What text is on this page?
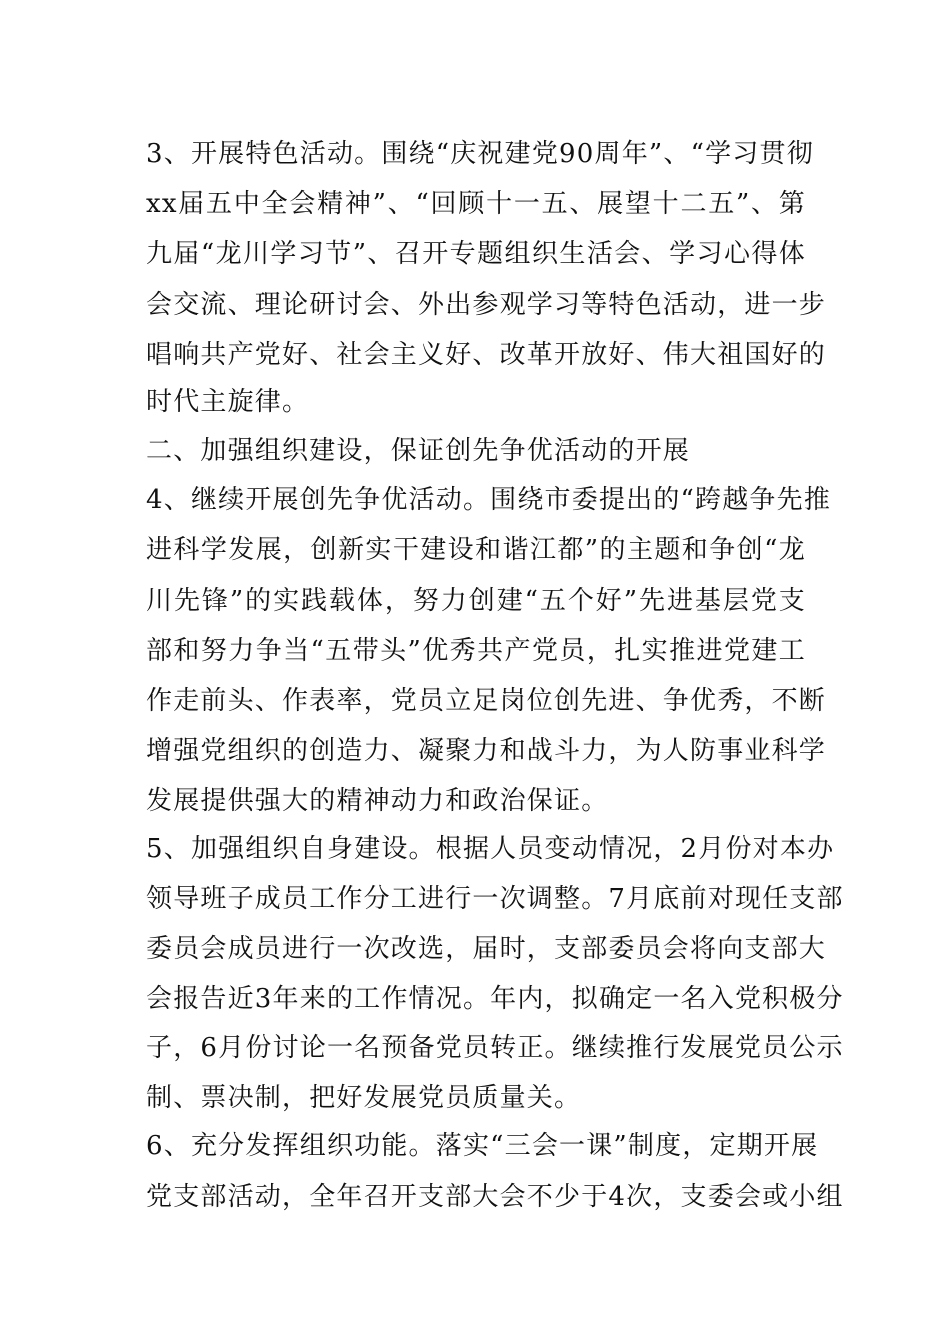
3、开展特色活动。围绕“庆祝建党90周年”、“学习贯彻
xx届五中全会精神”、“回顾十一五、展望十二五”、第
九届“龙川学习节”、召开专题组织生活会、学习心得体
会交流、理论研讨会、外出参观学习等特色活动，进一步
唱响共产党好、社会主义好、改革开放好、伟大祖国好的
时代主旋律。
二、加强组织建设，保证创先争优活动的开展
4、继续开展创先争优活动。围绕市委提出的“跨越争先推
进科学发展，创新实干建设和谐江都”的主题和争创“龙
川先锋”的实践载体，努力创建“五个好”先进基层党支
部和努力争当“五带头”优秀共产党员，扎实推进党建工
作走前头、作表率，党员立足岗位创先进、争优秀，不断
增强党组织的创造力、凝聚力和战斗力，为人防事业科学
发展提供强大的精神动力和政治保证。
5、加强组织自身建设。根据人员变动情况，2月份对本办
领导班子成员工作分工进行一次调整。7月底前对现任支部
委员会成员进行一次改选，届时，支部委员会将向支部大
会报告近3年来的工作情况。年内，拟确定一名入党积极分
子，6月份讨论一名预备党员转正。继续推行发展党员公示
制、票决制，把好发展党员质量关。
6、充分发挥组织功能。落实“三会一课”制度，定期开展
党支部活动，全年召开支部大会不少于4次，支委会或小组
